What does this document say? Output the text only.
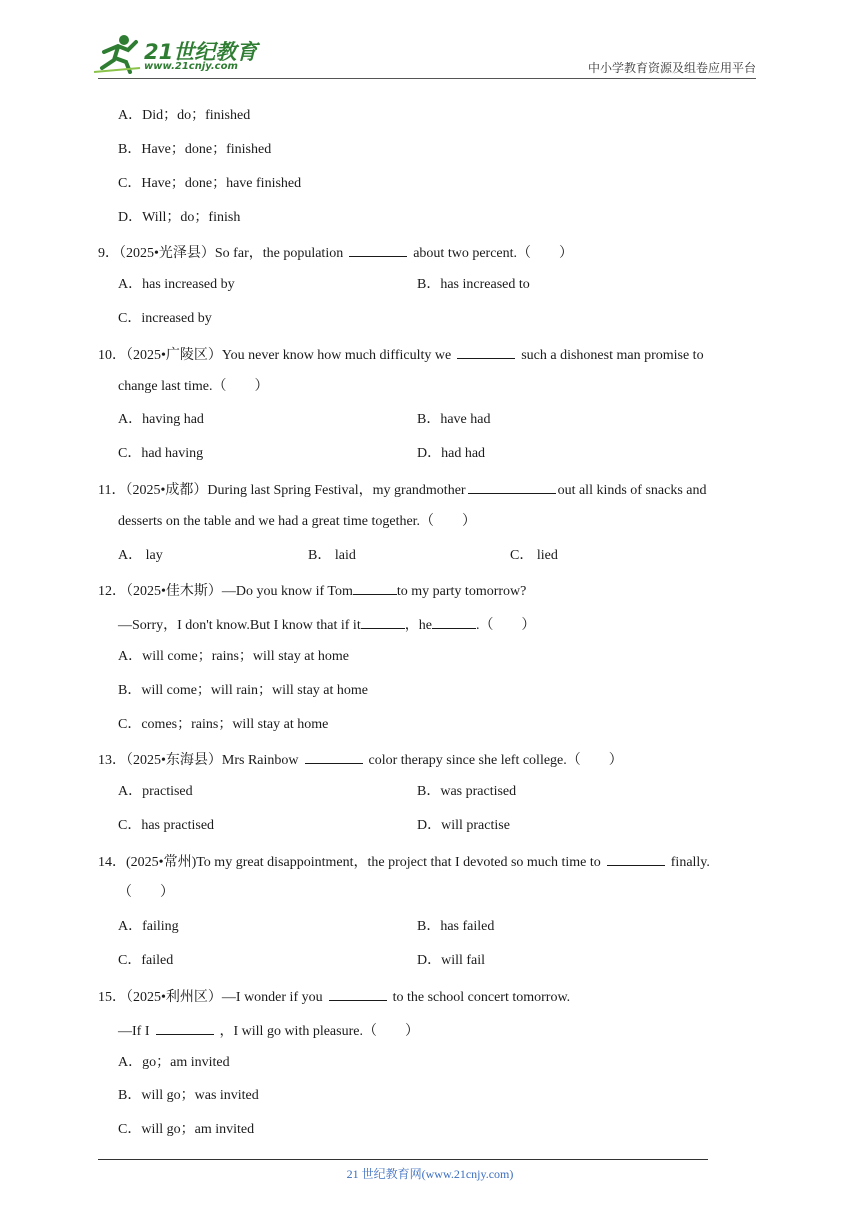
21世纪教育
www.21cnjy.com	中小学教育资源及组卷应用平台
A．Did；do；finished
B．Have；done；finished
C．Have；done；have finished
D．Will；do；finish
9．（2025•光泽县）So far，the population	about two percent.（　　）
A．has increased by	B．has increased to
C．increased by
10．（2025•广陵区）You never know how much difficulty we	such a dishonest man promise to
change last time.（　　）
A．having had	B．have had
C．had having	D．had had
11．（2025•成都）During last Spring Festival，my grandmother	out all kinds of snacks and
desserts on the table and we had a great time together.（　　）
A． lay	B． laid	C． lied
12．（2025•佳木斯）—Do you know if Tom	to my party tomorrow?
—Sorry，I don't know.But I know that if it	，he	.（　　）
A．will come；rains；will stay at home
B．will come；will rain；will stay at home
C．comes；rains；will stay at home
13．（2025•东海县）Mrs Rainbow	color therapy since she left college.（　　）
A．practised	B．was practised
C．has practised	D．will practise
14．(2025•常州)To my great disappointment，the project that I devoted so much time to	finally.
（　　）
A．failing	B．has failed
C．failed	D．will fail
15．（2025•利州区）—I wonder if you	to the school concert tomorrow.
—If I	，I will go with pleasure.（　　）
A．go；am invited
B．will go；was invited
C．will go；am invited
21 世纪教育网(www.21cnjy.com)
